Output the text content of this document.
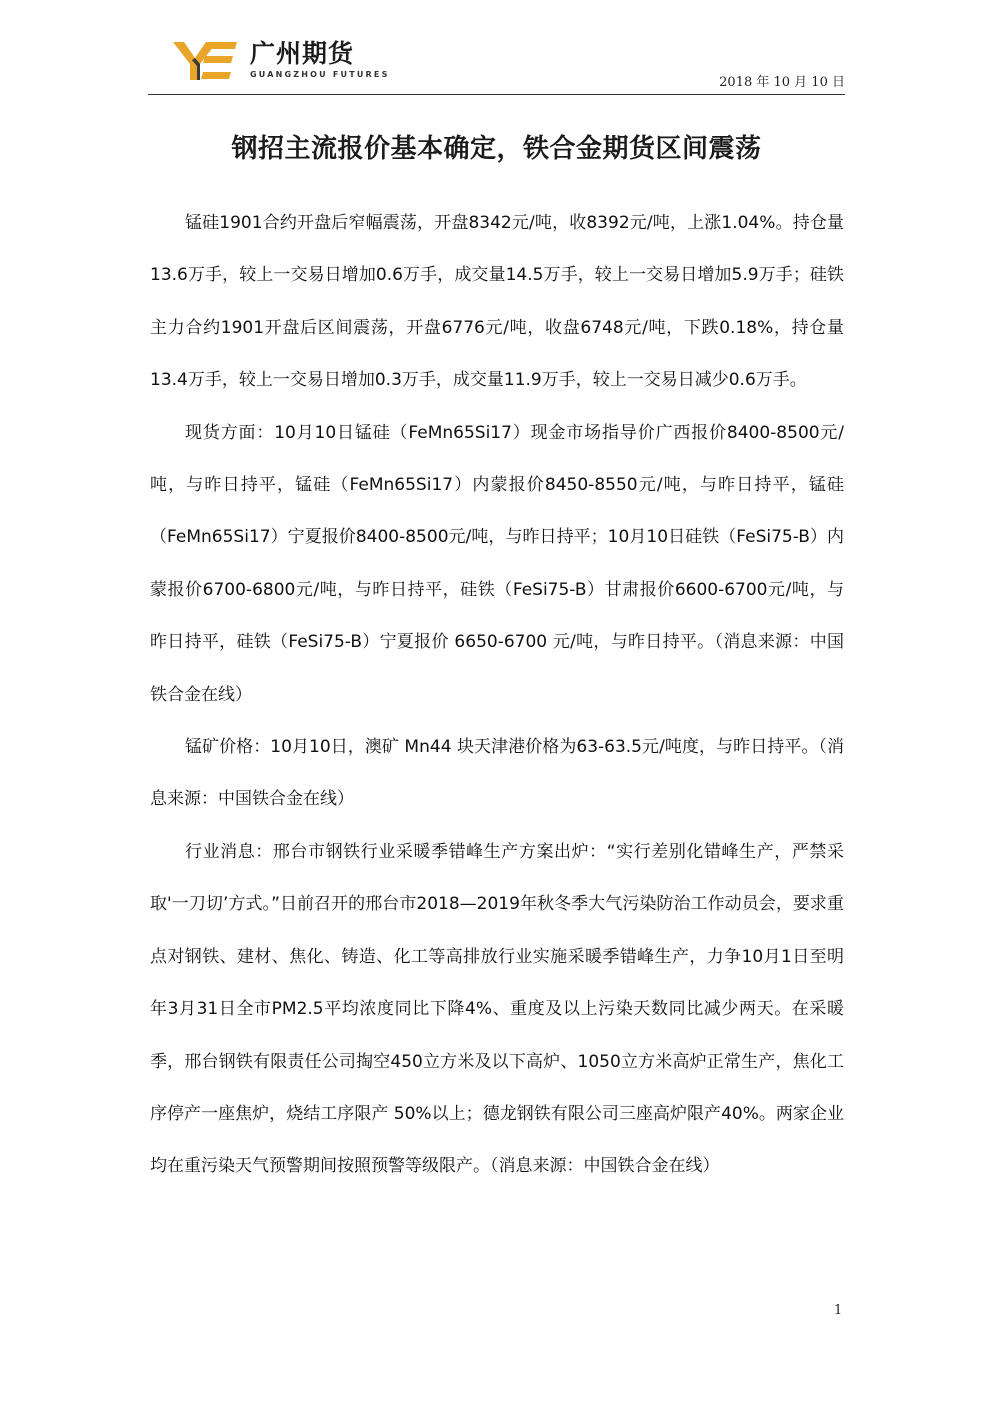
广州期货
GUANGZHOU FUTURES
2018 年 10 月 10 日
钢招主流报价基本确定，铁合金期货区间震荡

锰硅1901合约开盘后窄幅震荡，开盘8342元/吨，收8392元/吨，上涨1.04%。持仓量13.6万手，较上一交易日增加0.6万手，成交量14.5万手，较上一交易日增加5.9万手；硅铁主力合约1901开盘后区间震荡，开盘6776元/吨，收盘6748元/吨，下跌0.18%，持仓量13.4万手，较上一交易日增加0.3万手，成交量11.9万手，较上一交易日减少0.6万手。

现货方面：10月10日锰硅（FeMn65Si17）现金市场指导价广西报价8400-8500元/吨，与昨日持平，锰硅（FeMn65Si17）内蒙报价8450-8550元/吨，与昨日持平，锰硅（FeMn65Si17）宁夏报价8400-8500元/吨，与昨日持平；10月10日硅铁（FeSi75-B）内蒙报价6700-6800元/吨，与昨日持平，硅铁（FeSi75-B）甘肃报价6600-6700元/吨，与昨日持平，硅铁（FeSi75-B）宁夏报价 6650-6700 元/吨，与昨日持平。（消息来源：中国铁合金在线）

锰矿价格：10月10日，澳矿 Mn44 块天津港价格为63-63.5元/吨度，与昨日持平。（消息来源：中国铁合金在线）

行业消息：邢台市钢铁行业采暖季错峰生产方案出炉：“实行差别化错峰生产，严禁采取'一刀切’方式。”日前召开的邢台市2018—2019年秋冬季大气污染防治工作动员会，要求重点对钢铁、建材、焦化、铸造、化工等高排放行业实施采暖季错峰生产，力争10月1日至明年3月31日全市PM2.5平均浓度同比下降4%、重度及以上污染天数同比减少两天。在采暖季，邢台钢铁有限责任公司掏空450立方米及以下高炉、1050立方米高炉正常生产，焦化工序停产一座焦炉，烧结工序限产 50%以上；德龙钢铁有限公司三座高炉限产40%。两家企业均在重污染天气预警期间按照预警等级限产。（消息来源：中国铁合金在线）

1
